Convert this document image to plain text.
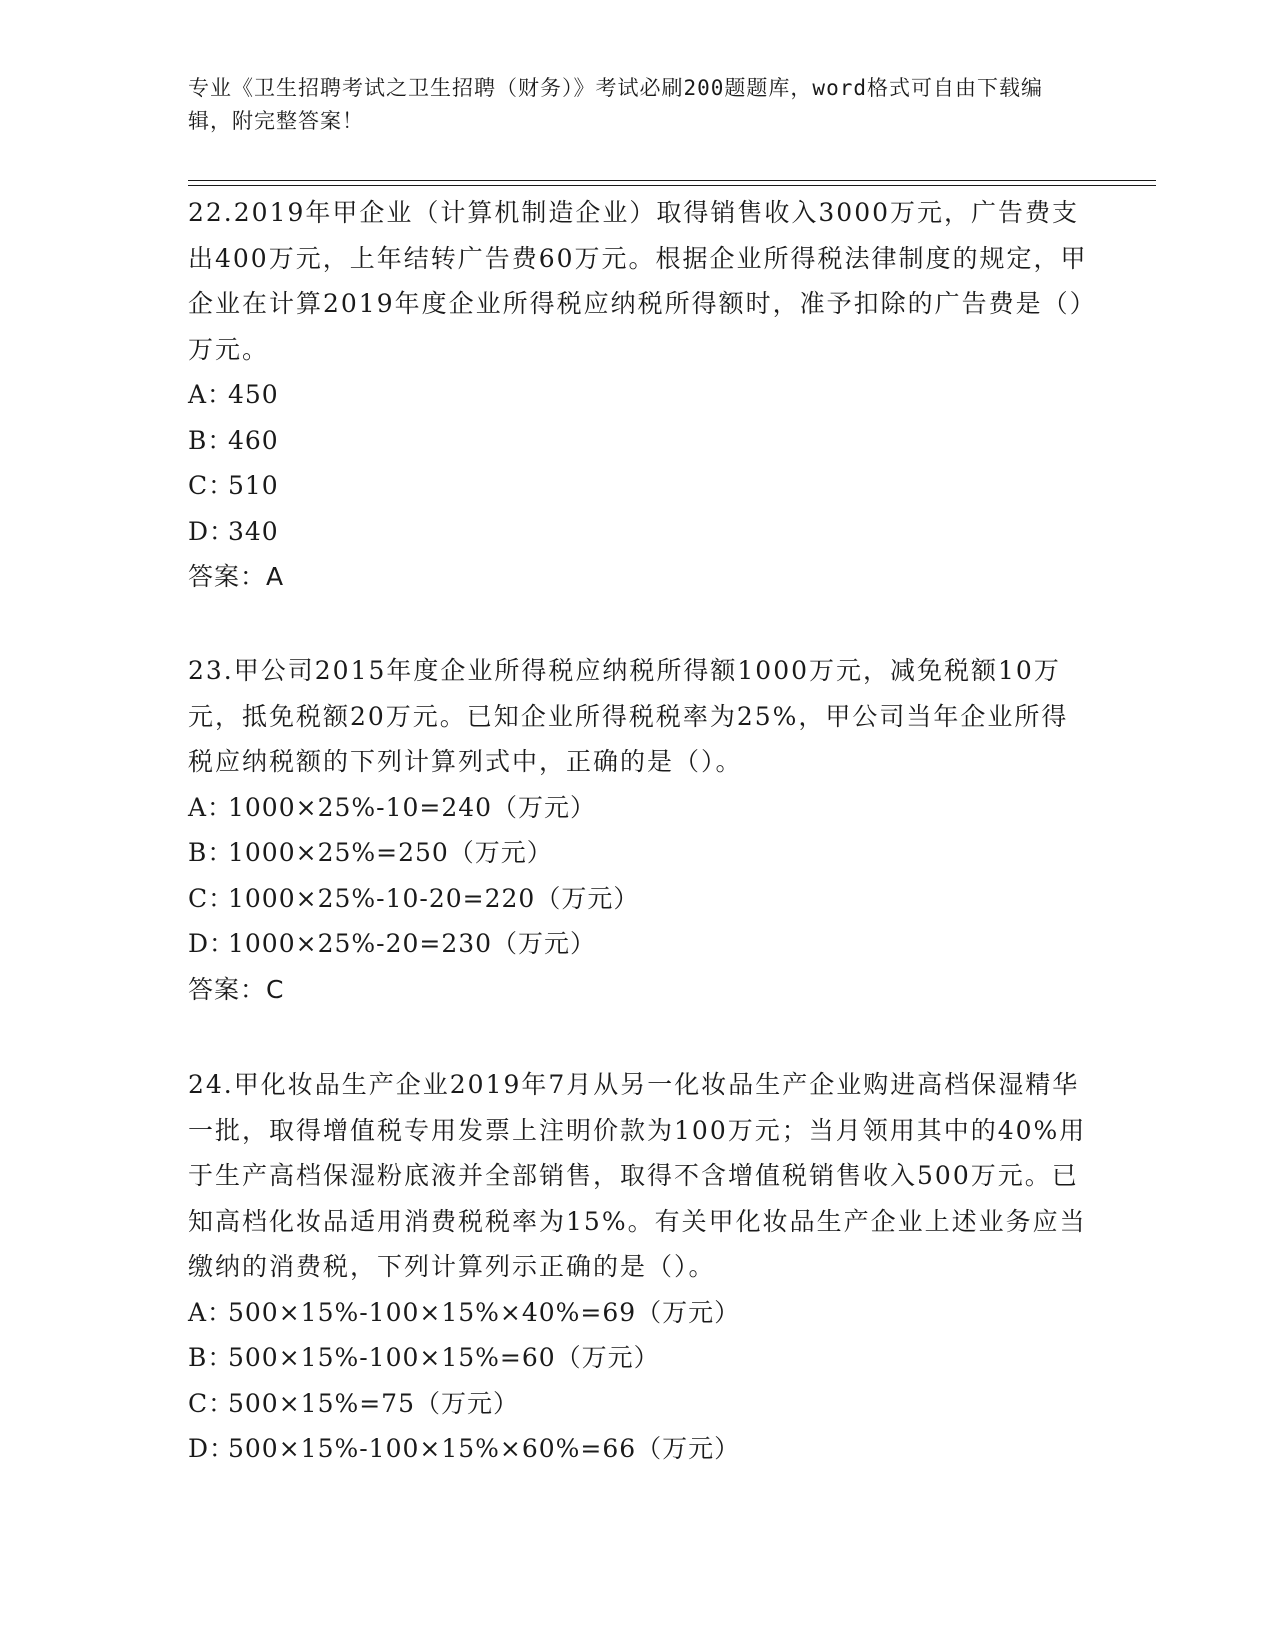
专业《卫生招聘考试之卫生招聘（财务）》考试必刷200题题库，word格式可自由下载编辑，附完整答案！

22.2019年甲企业（计算机制造企业）取得销售收入3000万元，广告费支出400万元，上年结转广告费60万元。根据企业所得税法律制度的规定，甲企业在计算2019年度企业所得税应纳税所得额时，准予扣除的广告费是（）万元。

A：450

B：460

C：510

D：340

答案：A

23.甲公司2015年度企业所得税应纳税所得额1000万元，减免税额10万元，抵免税额20万元。已知企业所得税税率为25%，甲公司当年企业所得税应纳税额的下列计算列式中，正确的是（）。

A：1000×25%-10=240（万元）

B：1000×25%=250（万元）

C：1000×25%-10-20=220（万元）

D：1000×25%-20=230（万元）

答案：C

24.甲化妆品生产企业2019年7月从另一化妆品生产企业购进高档保湿精华一批，取得增值税专用发票上注明价款为100万元；当月领用其中的40%用于生产高档保湿粉底液并全部销售，取得不含增值税销售收入500万元。已知高档化妆品适用消费税税率为15%。有关甲化妆品生产企业上述业务应当缴纳的消费税，下列计算列示正确的是（）。

A：500×15%-100×15%×40%=69（万元）

B：500×15%-100×15%=60（万元）

C：500×15%=75（万元）

D：500×15%-100×15%×60%=66（万元）
